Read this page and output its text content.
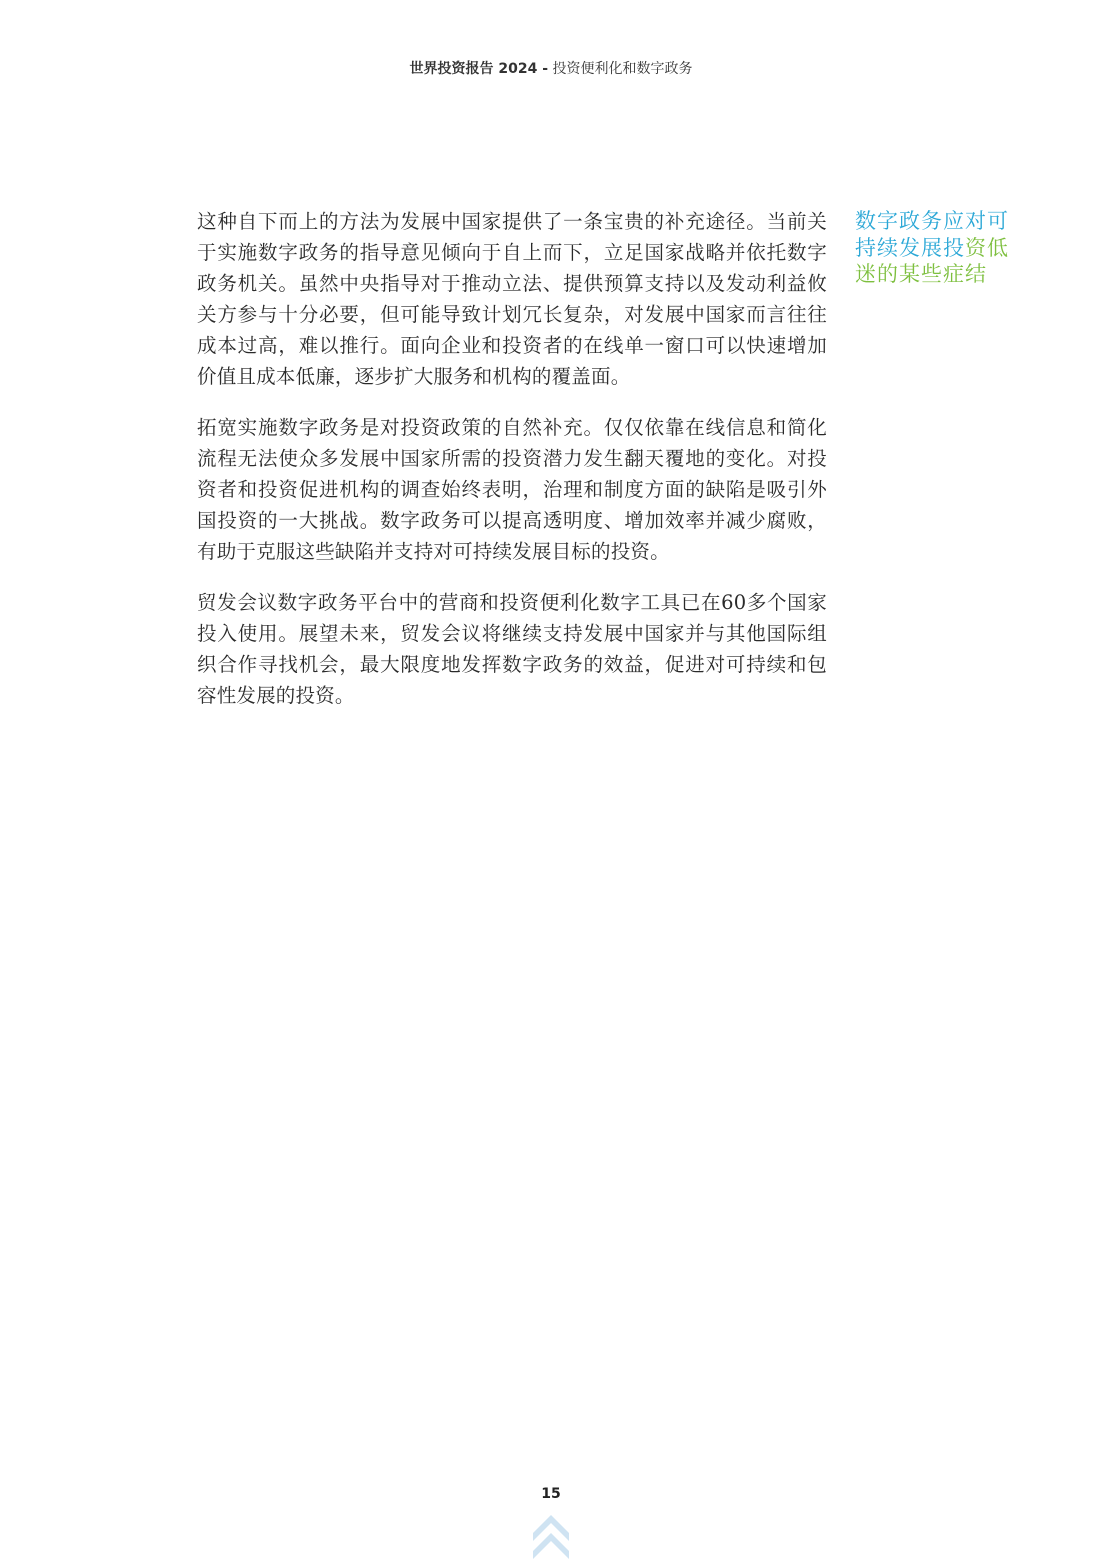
世界投资报告 2024 - 投资便利化和数字政务

这种自下而上的方法为发展中国家提供了一条宝贵的补充途径。当前关于实施数字政务的指导意见倾向于自上而下，立足国家战略并依托数字政务机关。虽然中央指导对于推动立法、提供预算支持以及发动利益攸关方参与十分必要，但可能导致计划冗长复杂，对发展中国家而言往往成本过高，难以推行。面向企业和投资者的在线单一窗口可以快速增加价值且成本低廉，逐步扩大服务和机构的覆盖面。

拓宽实施数字政务是对投资政策的自然补充。仅仅依靠在线信息和简化流程无法使众多发展中国家所需的投资潜力发生翻天覆地的变化。对投资者和投资促进机构的调查始终表明，治理和制度方面的缺陷是吸引外国投资的一大挑战。数字政务可以提高透明度、增加效率并减少腐败，有助于克服这些缺陷并支持对可持续发展目标的投资。

贸发会议数字政务平台中的营商和投资便利化数字工具已在60多个国家投入使用。展望未来，贸发会议将继续支持发展中国家并与其他国际组织合作寻找机会，最大限度地发挥数字政务的效益，促进对可持续和包容性发展的投资。

数字政务应对可持续发展投资低迷的某些症结
15
